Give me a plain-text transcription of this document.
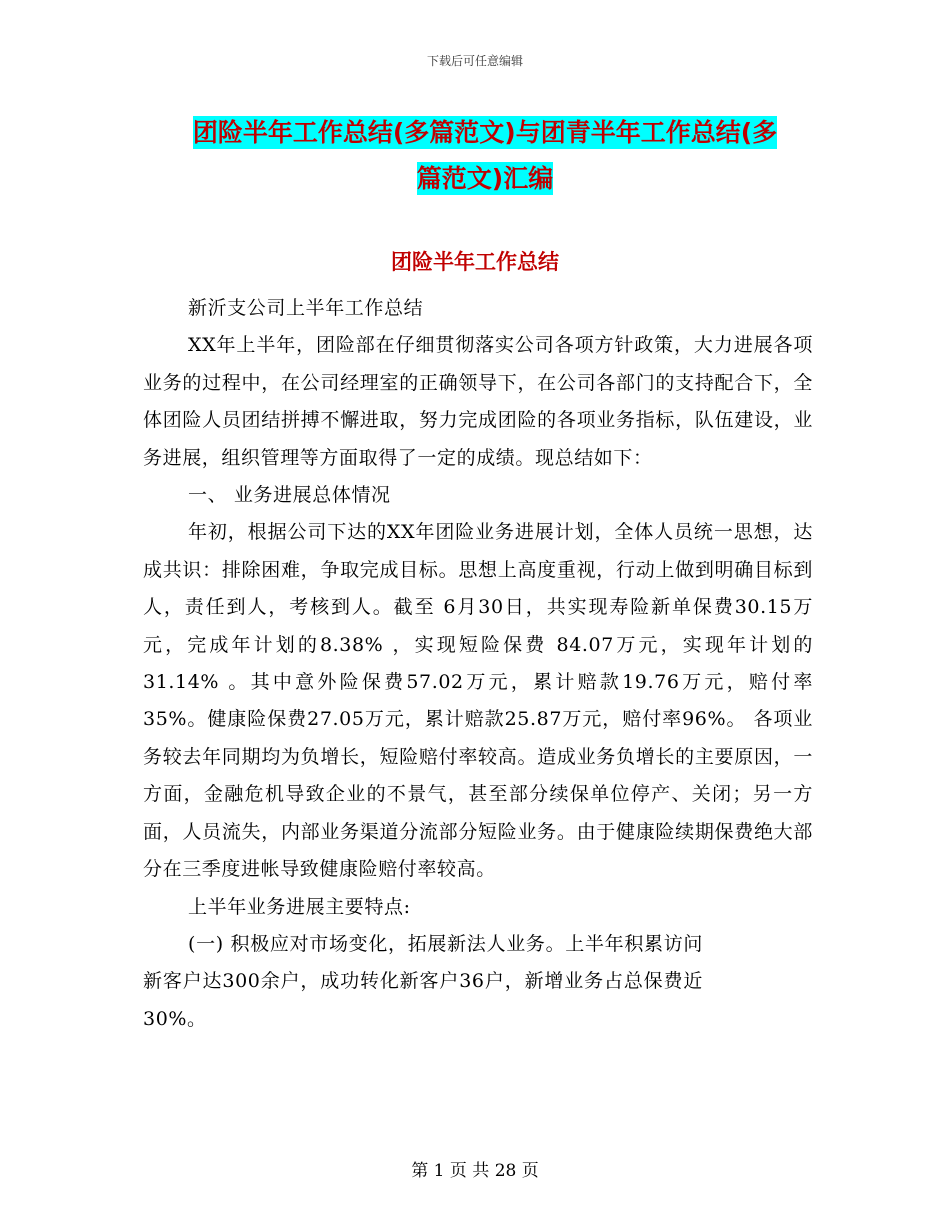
下载后可任意编辑
团险半年工作总结(多篇范文)与团青半年工作总结(多
篇范文)汇编
团险半年工作总结

新沂支公司上半年工作总结

XX年上半年，团险部在仔细贯彻落实公司各项方针政策，大力进展各项业务的过程中，在公司经理室的正确领导下，在公司各部门的支持配合下，全体团险人员团结拼搏不懈进取，努力完成团险的各项业务指标，队伍建设，业务进展，组织管理等方面取得了一定的成绩。现总结如下：

一、 业务进展总体情况

年初，根据公司下达的XX年团险业务进展计划，全体人员统一思想，达成共识：排除困难，争取完成目标。思想上高度重视，行动上做到明确目标到人，责任到人，考核到人。截至 6月30日，共实现寿险新单保费30.15万元，完成年计划的8.38% ，实现短险保费 84.07万元，实现年计划的 31.14% 。其中意外险保费57.02万元，累计赔款19.76万元，赔付率35%。健康险保费27.05万元，累计赔款25.87万元，赔付率96%。 各项业务较去年同期均为负增长，短险赔付率较高。造成业务负增长的主要原因，一方面，金融危机导致企业的不景气，甚至部分续保单位停产、关闭；另一方面，人员流失，内部业务渠道分流部分短险业务。由于健康险续期保费绝大部分在三季度进帐导致健康险赔付率较高。

上半年业务进展主要特点:

(一) 积极应对市场变化，拓展新法人业务。上半年积累访问新客户达300余户，成功转化新客户36户，新增业务占总保费近30%。

第 1 页 共 28 页
